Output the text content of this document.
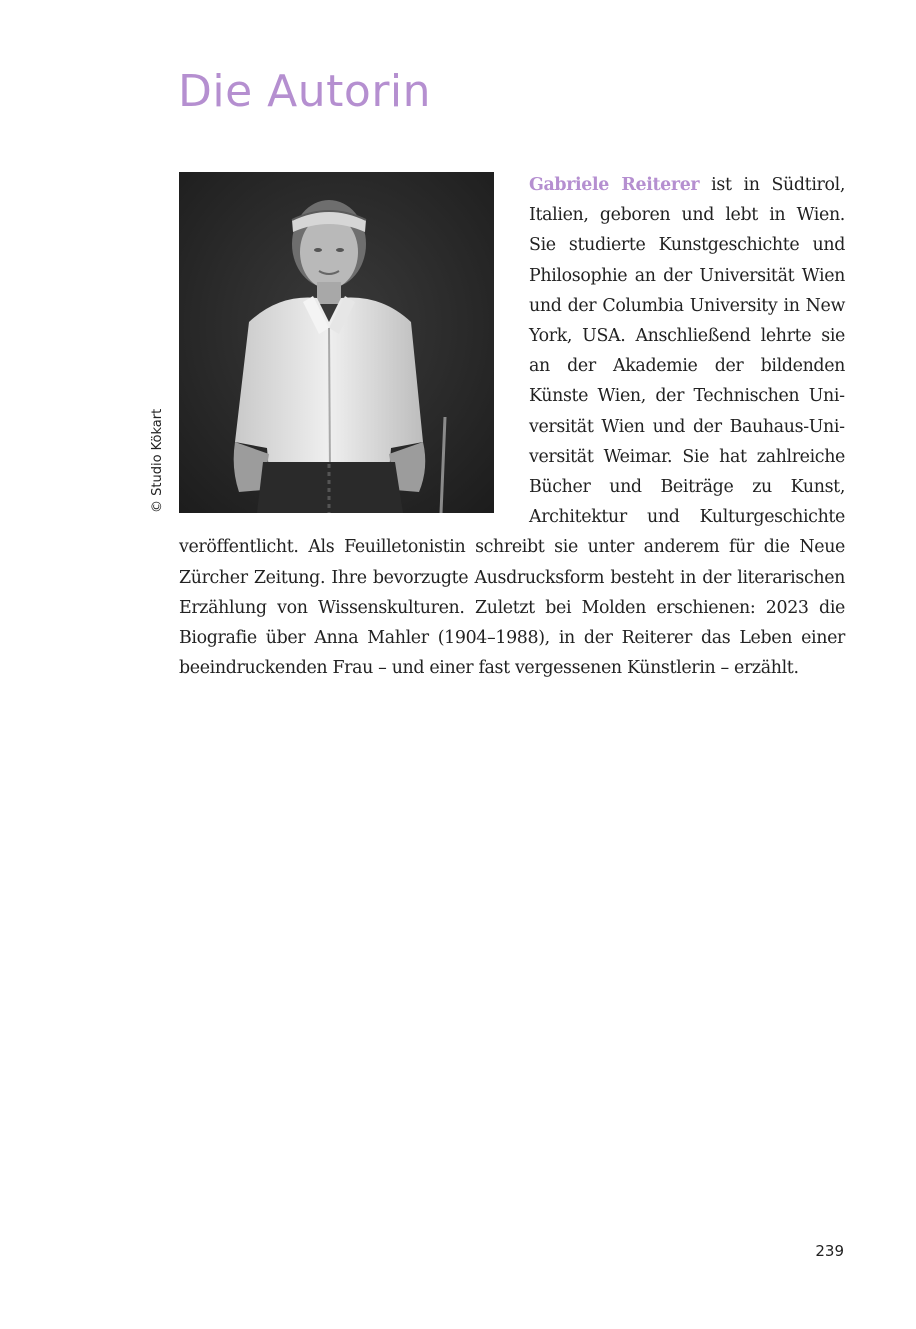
Die Autorin
© Studio Kökart
Gabriele Reiterer ist in Südtirol, Italien, geboren und lebt in Wien. Sie studierte Kunstgeschichte und Philosophie an der Universität Wien und der Columbia University in New York, USA. Anschließend lehrte sie an der Akademie der bildenden Künste Wien, der Technischen Universität Wien und der Bauhaus-Universität Weimar. Sie hat zahlreiche Bücher und Beiträge zu Kunst, Architektur und Kulturgeschichte veröffentlicht. Als Feuilletonistin schreibt sie unter anderem für die Neue Zürcher Zeitung. Ihre bevorzugte Ausdrucksform besteht in der literarischen Erzählung von Wissenskulturen. Zuletzt bei Molden erschienen: 2023 die Biografie über Anna Mahler (1904–1988), in der Reiterer das Leben einer beeindruckenden Frau – und einer fast vergessenen Künstlerin – erzählt.
239
